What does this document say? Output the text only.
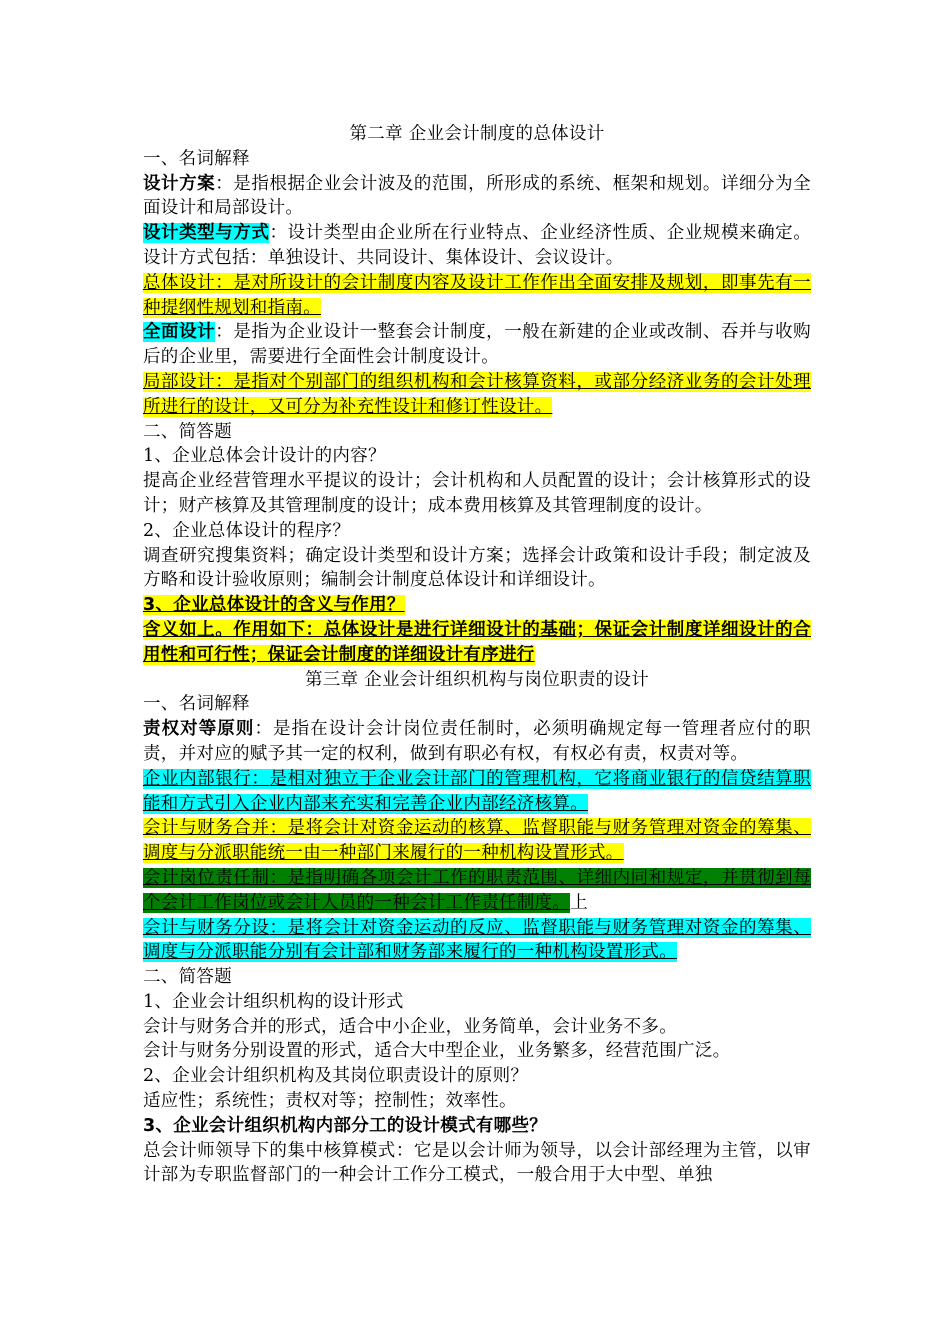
第二章 企业会计制度的总体设计

一、名词解释

设计方案：是指根据企业会计波及的范围，所形成的系统、框架和规划。详细分为全面设计和局部设计。

设计类型与方式：设计类型由企业所在行业特点、企业经济性质、企业规模来确定。设计方式包括：单独设计、共同设计、集体设计、会议设计。

总体设计：是对所设计的会计制度内容及设计工作作出全面安排及规划，即事先有一种提纲性规划和指南。

全面设计：是指为企业设计一整套会计制度，一般在新建的企业或改制、吞并与收购后的企业里，需要进行全面性会计制度设计。

局部设计：是指对个别部门的组织机构和会计核算资料，或部分经济业务的会计处理所进行的设计，又可分为补充性设计和修订性设计。

二、简答题

1、企业总体会计设计的内容？

提高企业经营管理水平提议的设计；会计机构和人员配置的设计；会计核算形式的设计；财产核算及其管理制度的设计；成本费用核算及其管理制度的设计。

2、企业总体设计的程序？

调查研究搜集资料；确定设计类型和设计方案；选择会计政策和设计手段；制定波及方略和设计验收原则；编制会计制度总体设计和详细设计。

3、企业总体设计的含义与作用？

含义如上。作用如下：总体设计是进行详细设计的基础；保证会计制度详细设计的合用性和可行性；保证会计制度的详细设计有序进行

第三章 企业会计组织机构与岗位职责的设计

一、名词解释

责权对等原则：是指在设计会计岗位责任制时，必须明确规定每一管理者应付的职责，并对应的赋予其一定的权利，做到有职必有权，有权必有责，权责对等。

企业内部银行：是相对独立于企业会计部门的管理机构，它将商业银行的信贷结算职能和方式引入企业内部来充实和完善企业内部经济核算。

会计与财务合并：是将会计对资金运动的核算、监督职能与财务管理对资金的筹集、调度与分派职能统一由一种部门来履行的一种机构设置形式。

会计岗位责任制：是指明确各项会计工作的职责范围、详细内同和规定，并贯彻到每个会计工作岗位或会计人员的一种会计工作责任制度。上

会计与财务分设：是将会计对资金运动的反应、监督职能与财务管理对资金的筹集、调度与分派职能分别有会计部和财务部来履行的一种机构设置形式。

二、简答题

1、企业会计组织机构的设计形式

会计与财务合并的形式，适合中小企业，业务简单，会计业务不多。

会计与财务分别设置的形式，适合大中型企业，业务繁多，经营范围广泛。

2、企业会计组织机构及其岗位职责设计的原则？

适应性；系统性；责权对等；控制性；效率性。

3、企业会计组织机构内部分工的设计模式有哪些？

总会计师领导下的集中核算模式：它是以会计师为领导，以会计部经理为主管，以审计部为专职监督部门的一种会计工作分工模式，一般合用于大中型、单独
